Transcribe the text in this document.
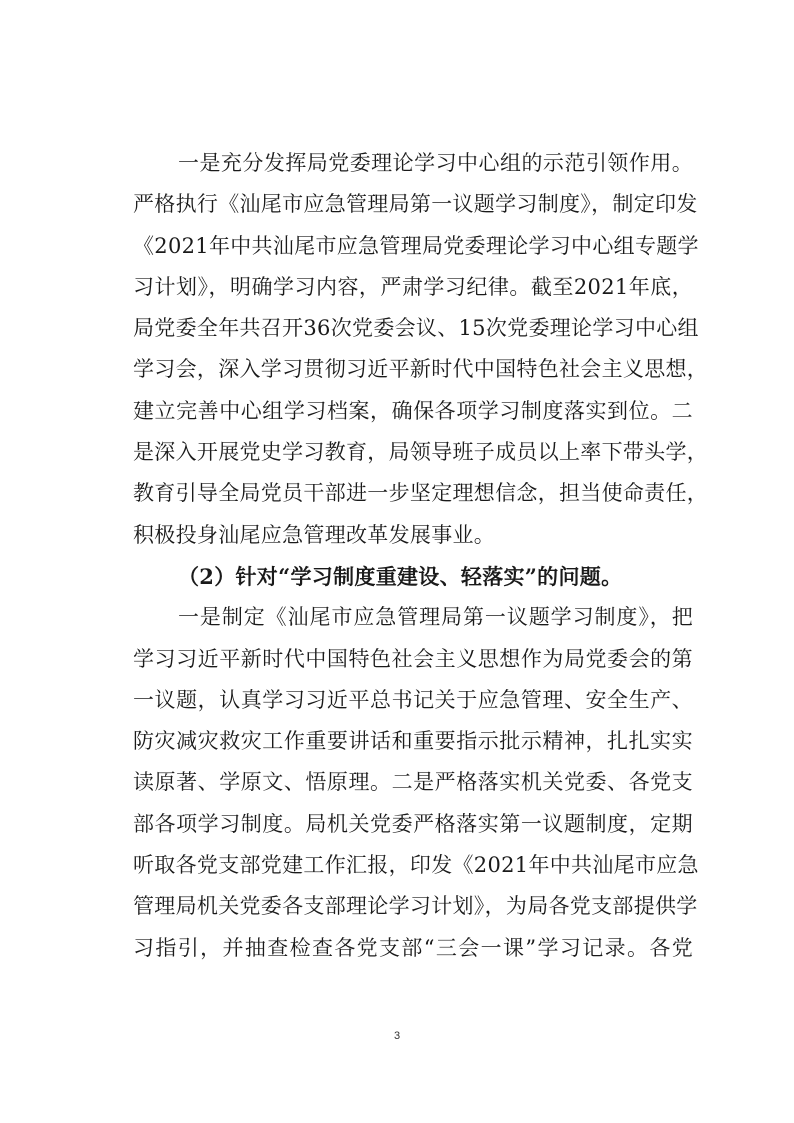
一是充分发挥局党委理论学习中心组的示范引领作用。
严格执行《汕尾市应急管理局第一议题学习制度》，制定印发
《2021年中共汕尾市应急管理局党委理论学习中心组专题学
习计划》，明确学习内容，严肃学习纪律。截至2021年底，
局党委全年共召开36次党委会议、15次党委理论学习中心组
学习会，深入学习贯彻习近平新时代中国特色社会主义思想，
建立完善中心组学习档案，确保各项学习制度落实到位。二
是深入开展党史学习教育，局领导班子成员以上率下带头学，
教育引导全局党员干部进一步坚定理想信念，担当使命责任，
积极投身汕尾应急管理改革发展事业。
（2）针对“学习制度重建设、轻落实”的问题。
一是制定《汕尾市应急管理局第一议题学习制度》，把
学习习近平新时代中国特色社会主义思想作为局党委会的第
一议题，认真学习习近平总书记关于应急管理、安全生产、
防灾减灾救灾工作重要讲话和重要指示批示精神，扎扎实实
读原著、学原文、悟原理。二是严格落实机关党委、各党支
部各项学习制度。局机关党委严格落实第一议题制度，定期
听取各党支部党建工作汇报，印发《2021年中共汕尾市应急
管理局机关党委各支部理论学习计划》，为局各党支部提供学
习指引，并抽查检查各党支部“三会一课”学习记录。各党
3
